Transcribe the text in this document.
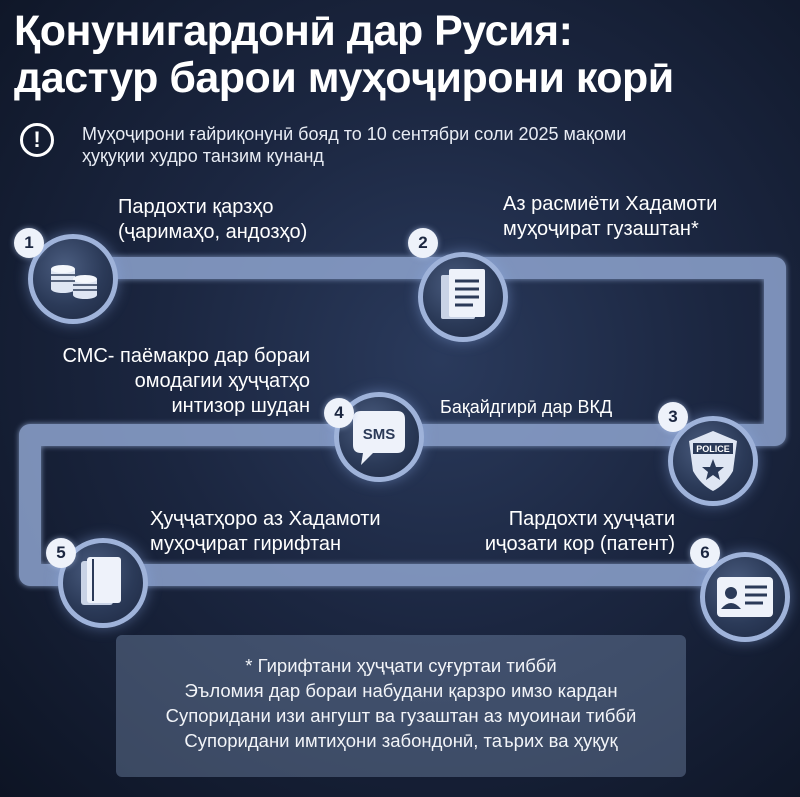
Қонунигардонӣ дар Русия:
дастур барои муҳоҷирони корӣ
!	Муҳоҷирони ғайриқонунӣ бояд то 10 сентябри соли 2025 мақоми
ҳуқуқии худро танзим кунанд
1
Пардохти қарзҳо
(ҷаримаҳо, андозҳо)	2
Аз расмиёти Хадамоти
муҳоҷират гузаштан*
POLICE
3
Бақайдгирӣ дар ВКД
SMS
4
СМС- паёмакро дар бораи
омодагии ҳуҷҷатҳо
интизор шудан
5
Ҳуҷҷатҳоро аз Хадамоти
муҳоҷират гирифтан	6
Пардохти ҳуҷҷати
иҷозати кор (патент)
* Гирифтани ҳуҷҷати суғуртаи тиббӣ
Эъломия дар бораи набудани қарзро имзо кардан
Супоридани изи ангушт ва гузаштан аз муоинаи тиббӣ
Супоридани имтиҳони забондонӣ, таърих ва ҳуқуқ
